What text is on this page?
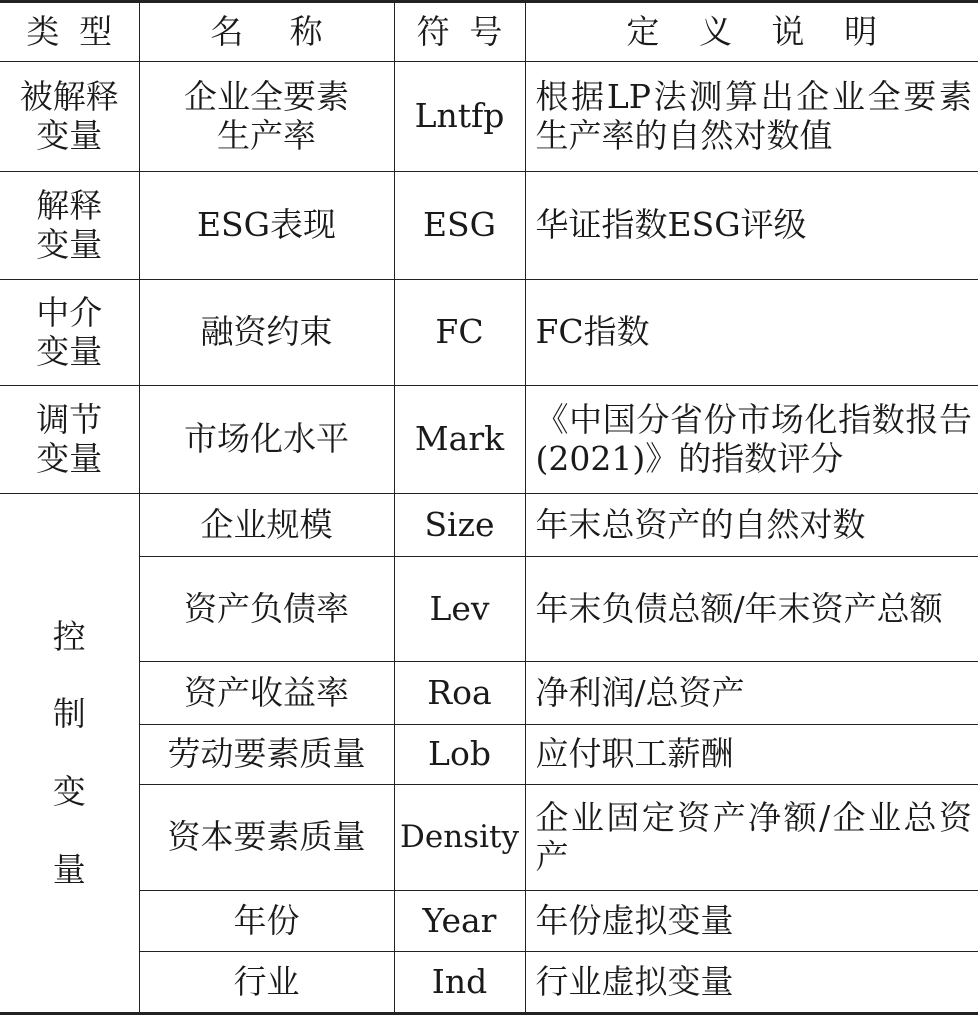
类型	名称	符号	定义说明
被解释变量	企业全要素生产率	Lntfp	根据LP法测算出企业全要素生产率的自然对数值
解释变量	ESG表现	ESG	华证指数ESG评级
中介变量	融资约束	FC	FC指数
调节变量	市场化水平	Mark	《中国分省份市场化指数报告(2021)》的指数评分
控制变量	企业规模	Size	年末总资产的自然对数
	资产负债率	Lev	年末负债总额/年末资产总额
	资产收益率	Roa	净利润/总资产
	劳动要素质量	Lob	应付职工薪酬
	资本要素质量	Density	企业固定资产净额/企业总资产
	年份	Year	年份虚拟变量
	行业	Ind	行业虚拟变量
